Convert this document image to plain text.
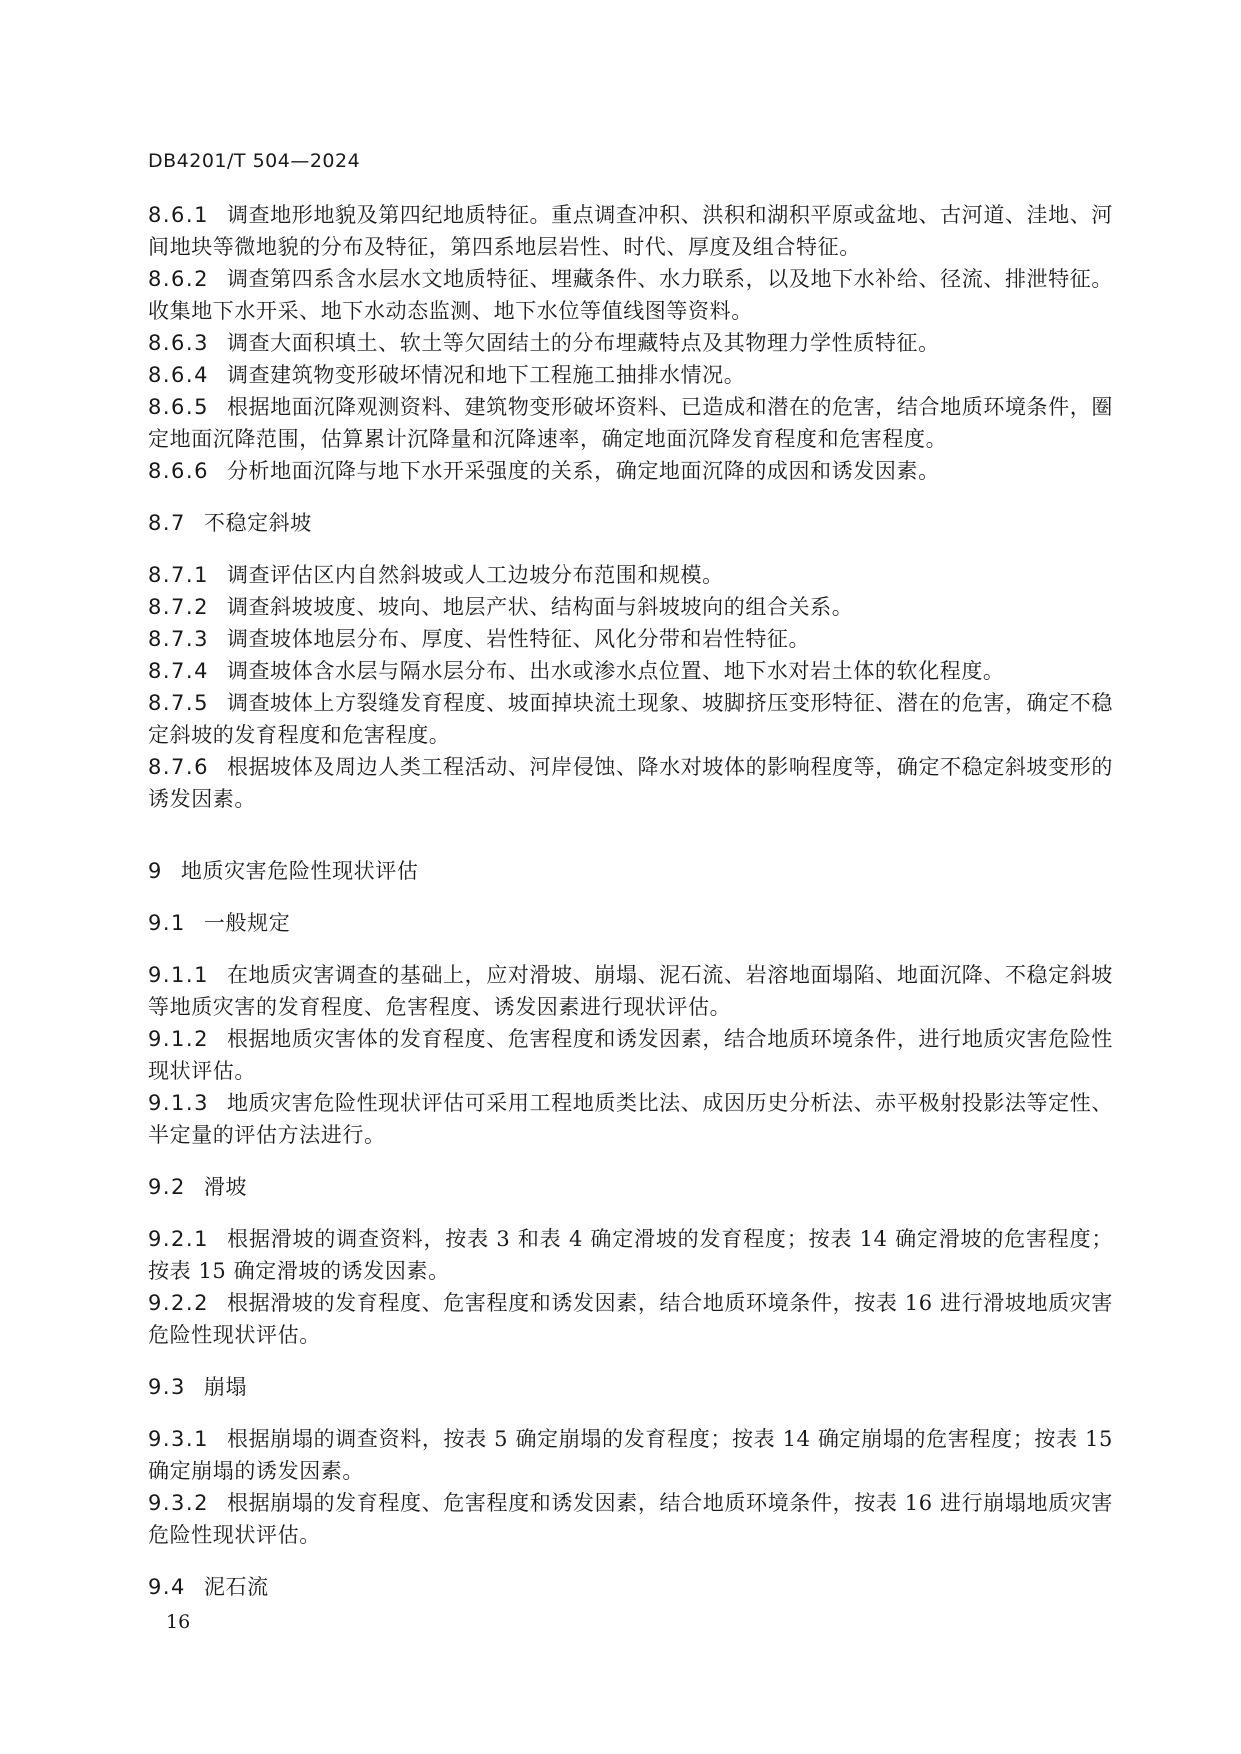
DB4201/T 504—2024
8.6.1 调查地形地貌及第四纪地质特征。重点调查冲积、洪积和湖积平原或盆地、古河道、洼地、河间地块等微地貌的分布及特征，第四系地层岩性、时代、厚度及组合特征。
8.6.2 调查第四系含水层水文地质特征、埋藏条件、水力联系，以及地下水补给、径流、排泄特征。收集地下水开采、地下水动态监测、地下水位等值线图等资料。
8.6.3 调查大面积填土、软土等欠固结土的分布埋藏特点及其物理力学性质特征。
8.6.4 调查建筑物变形破坏情况和地下工程施工抽排水情况。
8.6.5 根据地面沉降观测资料、建筑物变形破坏资料、已造成和潜在的危害，结合地质环境条件，圈定地面沉降范围，估算累计沉降量和沉降速率，确定地面沉降发育程度和危害程度。
8.6.6 分析地面沉降与地下水开采强度的关系，确定地面沉降的成因和诱发因素。
8.7 不稳定斜坡
8.7.1 调查评估区内自然斜坡或人工边坡分布范围和规模。
8.7.2 调查斜坡坡度、坡向、地层产状、结构面与斜坡坡向的组合关系。
8.7.3 调查坡体地层分布、厚度、岩性特征、风化分带和岩性特征。
8.7.4 调查坡体含水层与隔水层分布、出水或渗水点位置、地下水对岩土体的软化程度。
8.7.5 调查坡体上方裂缝发育程度、坡面掉块流土现象、坡脚挤压变形特征、潜在的危害，确定不稳定斜坡的发育程度和危害程度。
8.7.6 根据坡体及周边人类工程活动、河岸侵蚀、降水对坡体的影响程度等，确定不稳定斜坡变形的诱发因素。
9 地质灾害危险性现状评估
9.1 一般规定
9.1.1 在地质灾害调查的基础上，应对滑坡、崩塌、泥石流、岩溶地面塌陷、地面沉降、不稳定斜坡等地质灾害的发育程度、危害程度、诱发因素进行现状评估。
9.1.2 根据地质灾害体的发育程度、危害程度和诱发因素，结合地质环境条件，进行地质灾害危险性现状评估。
9.1.3 地质灾害危险性现状评估可采用工程地质类比法、成因历史分析法、赤平极射投影法等定性、半定量的评估方法进行。
9.2 滑坡
9.2.1 根据滑坡的调查资料，按表 3 和表 4 确定滑坡的发育程度；按表 14 确定滑坡的危害程度；按表 15 确定滑坡的诱发因素。
9.2.2 根据滑坡的发育程度、危害程度和诱发因素，结合地质环境条件，按表 16 进行滑坡地质灾害危险性现状评估。
9.3 崩塌
9.3.1 根据崩塌的调查资料，按表 5 确定崩塌的发育程度；按表 14 确定崩塌的危害程度；按表 15 确定崩塌的诱发因素。
9.3.2 根据崩塌的发育程度、危害程度和诱发因素，结合地质环境条件，按表 16 进行崩塌地质灾害危险性现状评估。
9.4 泥石流
16
